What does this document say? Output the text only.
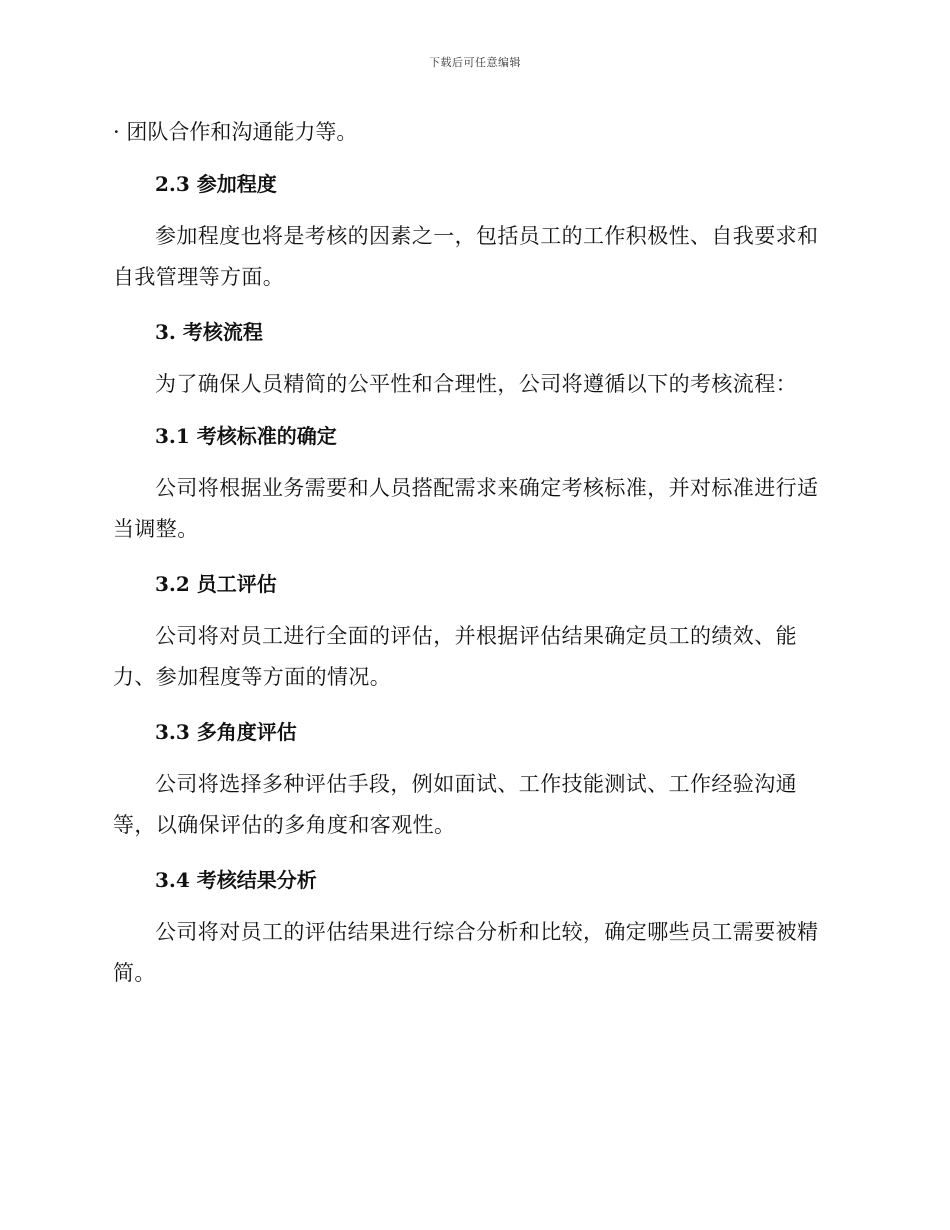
下载后可任意编辑

· 团队合作和沟通能力等。

2.3 参加程度

参加程度也将是考核的因素之一，包括员工的工作积极性、自我要求和自我管理等方面。

3. 考核流程

为了确保人员精简的公平性和合理性，公司将遵循以下的考核流程：

3.1 考核标准的确定

公司将根据业务需要和人员搭配需求来确定考核标准，并对标准进行适当调整。

3.2 员工评估

公司将对员工进行全面的评估，并根据评估结果确定员工的绩效、能力、参加程度等方面的情况。

3.3 多角度评估

公司将选择多种评估手段，例如面试、工作技能测试、工作经验沟通等，以确保评估的多角度和客观性。

3.4 考核结果分析

公司将对员工的评估结果进行综合分析和比较，确定哪些员工需要被精简。
